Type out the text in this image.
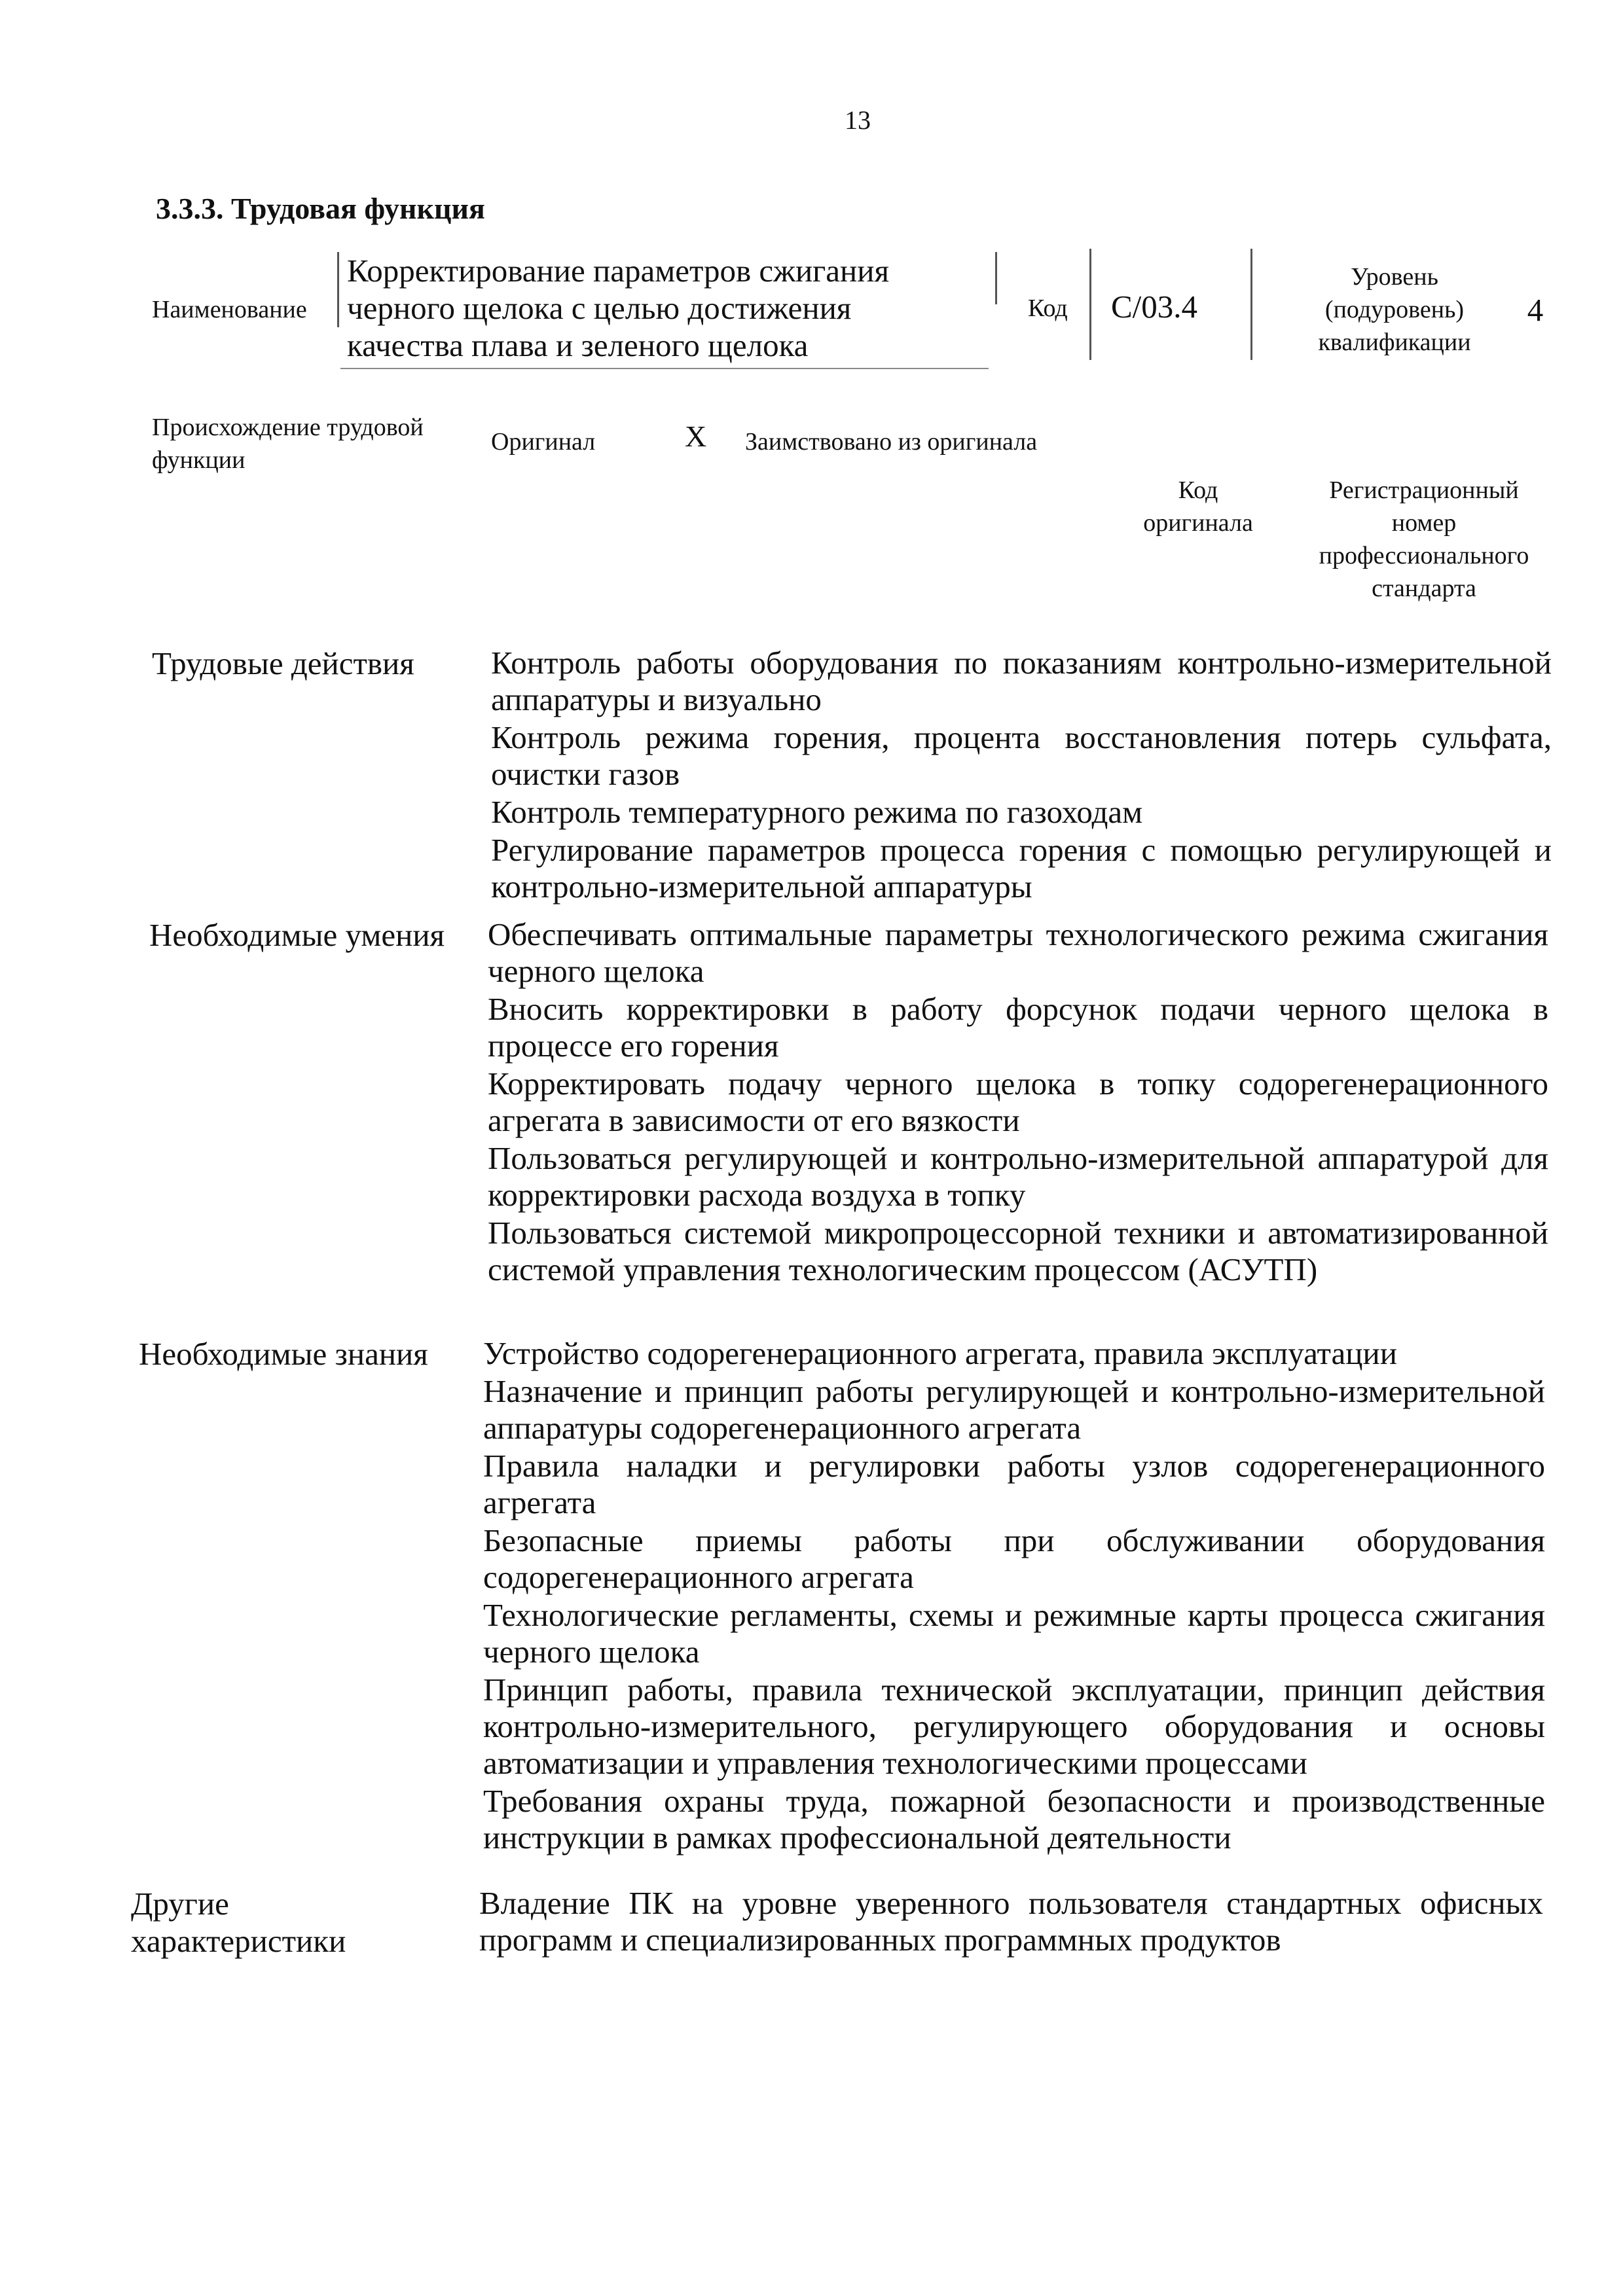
13
3.3.3. Трудовая функция
Наименование
Корректирование параметров сжигания
черного щелока с целью достижения
качества плава и зеленого щелока
Код C/03.4
Уровень
(подуровень)
квалификации
4
Происхождение трудовой
функции
Оригинал	X Заимствовано из оригинала
Код
оригинала
Регистрационный
номер
профессионального
стандарта
Трудовые действия Контроль работы оборудования по показаниям контрольно-измерительной аппаратуры и визуально

Контроль режима горения, процента восстановления потерь сульфата, очистки газов

Контроль температурного режима по газоходам

Регулирование параметров процесса горения с помощью регулирующей и контрольно-измерительной аппаратуры

Необходимые умения Обеспечивать оптимальные параметры технологического режима сжигания черного щелока

Вносить корректировки в работу форсунок подачи черного щелока в процессе его горения

Корректировать подачу черного щелока в топку содорегенерационного агрегата в зависимости от его вязкости

Пользоваться регулирующей и контрольно-измерительной аппаратурой для корректировки расхода воздуха в топку

Пользоваться системой микропроцессорной техники и автоматизированной системой управления технологическим процессом (АСУТП)

Необходимые знания Устройство содорегенерационного агрегата, правила эксплуатации

Назначение и принцип работы регулирующей и контрольно-измерительной аппаратуры содорегенерационного агрегата

Правила наладки и регулировки работы узлов содорегенерационного агрегата

Безопасные приемы работы при обслуживании оборудования содорегенерационного агрегата

Технологические регламенты, схемы и режимные карты процесса сжигания черного щелока

Принцип работы, правила технической эксплуатации, принцип действия контрольно-измерительного, регулирующего оборудования и основы автоматизации и управления технологическими процессами

Требования охраны труда, пожарной безопасности и производственные инструкции в рамках профессиональной деятельности

Другие
характеристики

Владение ПК на уровне уверенного пользователя стандартных офисных программ и специализированных программных продуктов
